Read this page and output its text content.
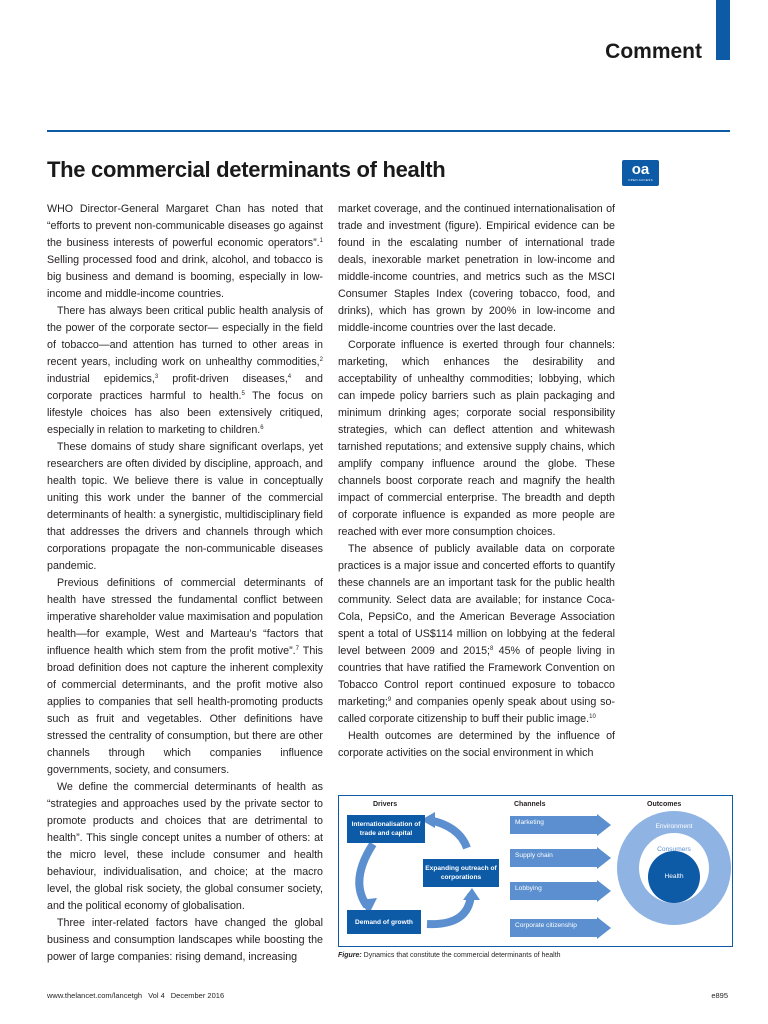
Comment
The commercial determinants of health	oa
OPEN ACCESS

WHO Director-General Margaret Chan has noted that “efforts to prevent non-communicable diseases go against the business interests of powerful economic operators”.$^1$ Selling processed food and drink, alcohol, and tobacco is big business and demand is booming, especially in low-income and middle-income countries.

There has always been critical public health analysis of the power of the corporate sector— especially in the field of tobacco—and attention has turned to other areas in recent years, including work on unhealthy commodities,$^2$ industrial epidemics,$^3$ profit-driven diseases,$^4$ and corporate practices harmful to health.$^5$ The focus on lifestyle choices has also been extensively critiqued, especially in relation to marketing to children.$^6$

These domains of study share significant overlaps, yet researchers are often divided by discipline, approach, and health topic. We believe there is value in conceptually uniting this work under the banner of the commercial determinants of health: a synergistic, multidisciplinary field that addresses the drivers and channels through which corporations propagate the non-communicable diseases pandemic.

Previous definitions of commercial determinants of health have stressed the fundamental conflict between imperative shareholder value maximisation and population health—for example, West and Marteau’s “factors that influence health which stem from the profit motive”.$^7$ This broad definition does not capture the inherent complexity of commercial determinants, and the profit motive also applies to companies that sell health-promoting products such as fruit and vegetables. Other definitions have stressed the centrality of consumption, but there are other channels through which companies influence governments, society, and consumers.

We define the commercial determinants of health as “strategies and approaches used by the private sector to promote products and choices that are detrimental to health”. This single concept unites a number of others: at the micro level, these include consumer and health behaviour, individualisation, and choice; at the macro level, the global risk society, the global consumer society, and the political economy of globalisation.

Three inter-related factors have changed the global business and consumption landscapes while boosting the power of large companies: rising demand, increasing

market coverage, and the continued internationalisation of trade and investment (figure). Empirical evidence can be found in the escalating number of international trade deals, inexorable market penetration in low-income and middle-income countries, and metrics such as the MSCI Consumer Staples Index (covering tobacco, food, and drinks), which has grown by 200% in low-income and middle-income countries over the last decade.

Corporate influence is exerted through four channels: marketing, which enhances the desirability and acceptability of unhealthy commodities; lobbying, which can impede policy barriers such as plain packaging and minimum drinking ages; corporate social responsibility strategies, which can deflect attention and whitewash tarnished reputations; and extensive supply chains, which amplify company influence around the globe. These channels boost corporate reach and magnify the health impact of commercial enterprise. The breadth and depth of corporate influence is expanded as more people are reached with ever more consumption choices.

The absence of publicly available data on corporate practices is a major issue and concerted efforts to quantify these channels are an important task for the public health community. Select data are available; for instance Coca-Cola, PepsiCo, and the American Beverage Association spent a total of US$114 million on lobbying at the federal level between 2009 and 2015;$^8$ 45% of people living in countries that have ratified the Framework Convention on Tobacco Control report continued exposure to tobacco marketing;$^9$ and companies openly speak about using so-called corporate citizenship to buff their public image.$^{10}$

Health outcomes are determined by the influence of corporate activities on the social environment in which

Drivers	Channels	Outcomes
Internationalisation of trade and capital
Expanding outreach of corporations
Demand of growth
Marketing
Supply chain
Lobbying
Corporate citizenship
Environment
Consumers
Health
Figure: Dynamics that constitute the commercial determinants of health
www.thelancet.com/lancetgh Vol 4 December 2016	e895
